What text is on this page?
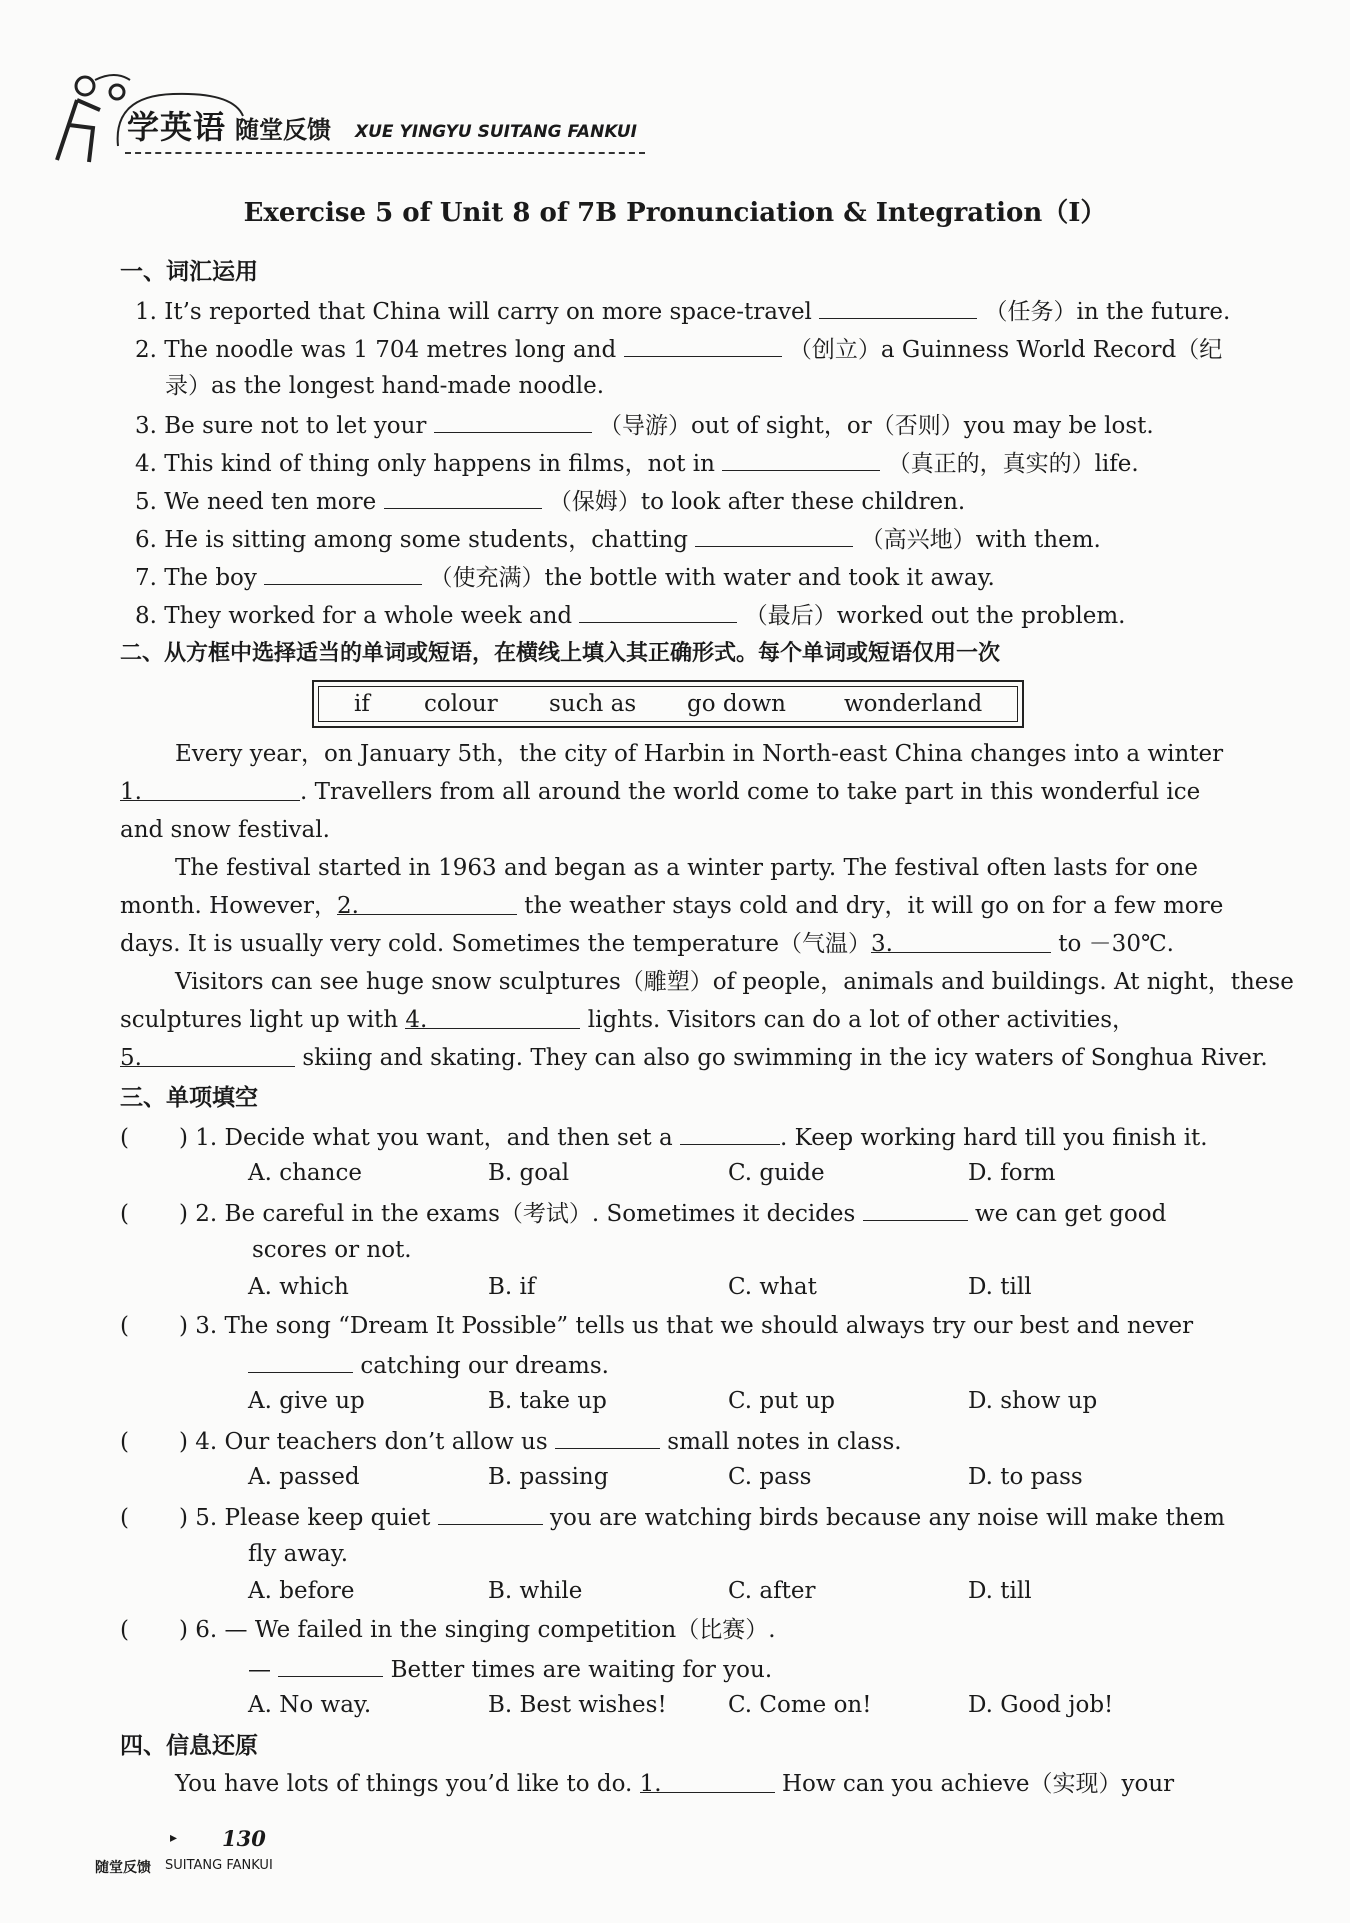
学英语 随堂反馈 XUE YINGYU SUITANG FANKUI
Exercise 5 of Unit 8 of 7B Pronunciation & Integration（Ⅰ）
一、词汇运用
1. It’s reported that China will carry on more space-travel	（任务）in the future.
2. The noodle was 1 704 metres long and	（创立）a Guinness World Record（纪
录）as the longest hand-made noodle.
3. Be sure not to let your	（导游）out of sight，or（否则）you may be lost.
4. This kind of thing only happens in films，not in	（真正的，真实的）life.
5. We need ten more	（保姆）to look after these children.
6. He is sitting among some students，chatting	（高兴地）with them.
7. The boy	（使充满）the bottle with water and took it away.
8. They worked for a whole week and	（最后）worked out the problem.
二、从方框中选择适当的单词或短语，在横线上填入其正确形式。每个单词或短语仅用一次
if colour such as go down	wonderland
Every year，on January 5th，the city of Harbin in North-east China changes into a winter
1.	. Travellers from all around the world come to take part in this wonderful ice
and snow festival.
The festival started in 1963 and began as a winter party. The festival often lasts for one
month. However，2.	the weather stays cold and dry，it will go on for a few more
days. It is usually very cold. Sometimes the temperature（气温）3.	to －30℃.
Visitors can see huge snow sculptures（雕塑）of people，animals and buildings. At night，these
sculptures light up with 4.	lights. Visitors can do a lot of other activities，
5.	skiing and skating. They can also go swimming in the icy waters of Songhua River.
三、单项填空
( ) 1. Decide what you want，and then set a	. Keep working hard till you finish it.
A. chance	B. goal	C. guide	D. form
( ) 2. Be careful in the exams（考试）. Sometimes it decides	we can get good
scores or not.
A. which	B. if	C. what	D. till
( ) 3. The song “Dream It Possible” tells us that we should always try our best and never
catching our dreams.
A. give up	B. take up	C. put up	D. show up
( ) 4. Our teachers don’t allow us	small notes in class.
A. passed	B. passing	C. pass	D. to pass
( ) 5. Please keep quiet	you are watching birds because any noise will make them
fly away.
A. before	B. while	C. after	D. till
( ) 6. — We failed in the singing competition（比赛）.
—	Better times are waiting for you.
A. No way.	B. Best wishes!	C. Come on!	D. Good job!
四、信息还原
You have lots of things you’d like to do. 1.	How can you achieve（实现）your
▸ 130
随堂反馈 SUITANG FANKUI
